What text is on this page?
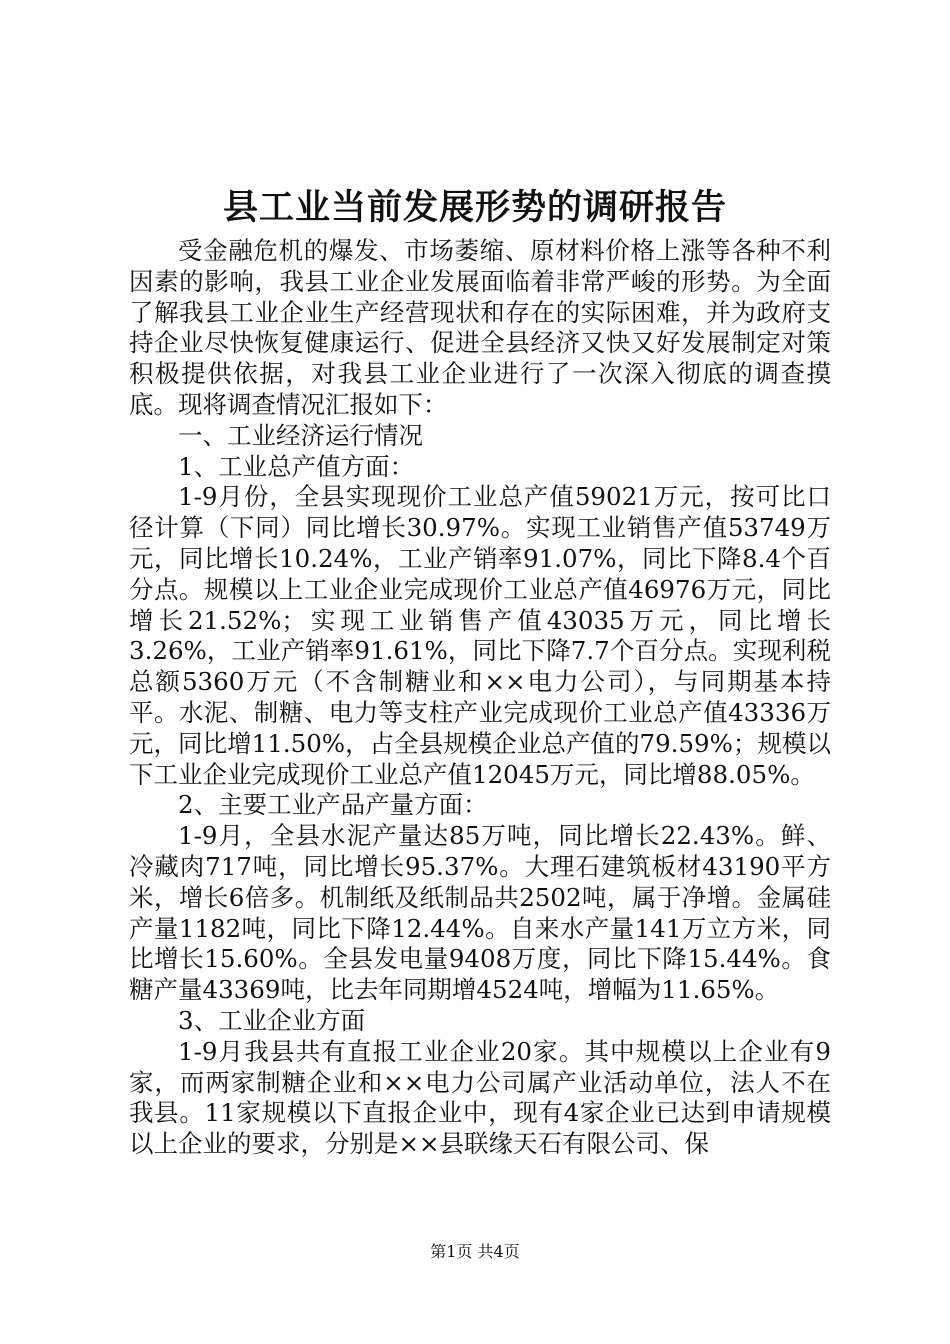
县工业当前发展形势的调研报告

受金融危机的爆发、市场萎缩、原材料价格上涨等各种不利因素的影响，我县工业企业发展面临着非常严峻的形势。为全面了解我县工业企业生产经营现状和存在的实际困难，并为政府支持企业尽快恢复健康运行、促进全县经济又快又好发展制定对策积极提供依据，对我县工业企业进行了一次深入彻底的调查摸底。现将调查情况汇报如下：

一、工业经济运行情况

1、工业总产值方面：

1-9月份，全县实现现价工业总产值59021万元，按可比口径计算（下同）同比增长30.97%。实现工业销售产值53749万元，同比增长10.24%，工业产销率91.07%，同比下降8.4个百分点。规模以上工业企业完成现价工业总产值46976万元，同比增长21.52%；实现工业销售产值43035万元，同比增长3.26%，工业产销率91.61%，同比下降7.7个百分点。实现利税总额5360万元（不含制糖业和××电力公司），与同期基本持平。水泥、制糖、电力等支柱产业完成现价工业总产值43336万元，同比增11.50%，占全县规模企业总产值的79.59%；规模以下工业企业完成现价工业总产值12045万元，同比增88.05%。

2、主要工业产品产量方面：

1-9月，全县水泥产量达85万吨，同比增长22.43%。鲜、冷藏肉717吨，同比增长95.37%。大理石建筑板材43190平方米，增长6倍多。机制纸及纸制品共2502吨，属于净增。金属硅产量1182吨，同比下降12.44%。自来水产量141万立方米，同比增长15.60%。全县发电量9408万度，同比下降15.44%。食糖产量43369吨，比去年同期增4524吨，增幅为11.65%。

3、工业企业方面

1-9月我县共有直报工业企业20家。其中规模以上企业有9家，而两家制糖企业和××电力公司属产业活动单位，法人不在我县。11家规模以下直报企业中，现有4家企业已达到申请规模以上企业的要求，分别是××县联缘天石有限公司、保

第1页 共4页
